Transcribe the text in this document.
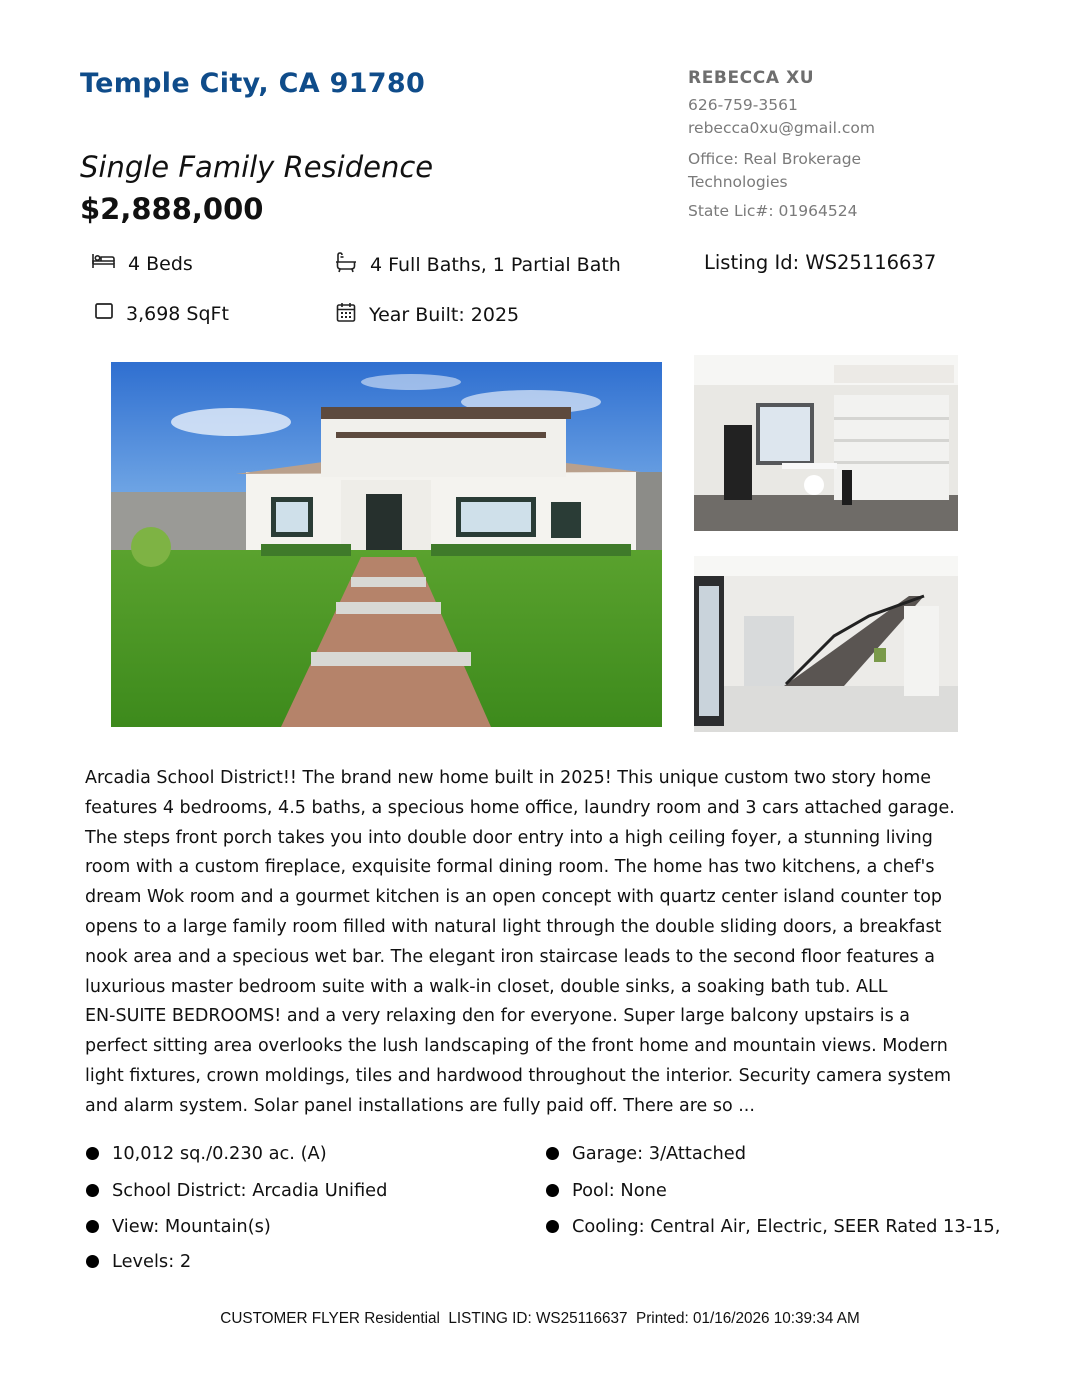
Temple City, CA 91780
Single Family Residence
$2,888,000
REBECCA XU
626-759-3561
rebecca0xu@gmail.com
Office: Real Brokerage
Technologies
State Lic#: 01964524
4 Beds	4 Full Baths, 1 Partial Bath	Listing Id: WS25116637
3,698 SqFt	Year Built: 2025
Arcadia School District!! The brand new home built in 2025! This unique custom two story home
features 4 bedrooms, 4.5 baths, a specious home office, laundry room and 3 cars attached garage.
The steps front porch takes you into double door entry into a high ceiling foyer, a stunning living
room with a custom fireplace, exquisite formal dining room. The home has two kitchens, a chef's
dream Wok room and a gourmet kitchen is an open concept with quartz center island counter top
opens to a large family room filled with natural light through the double sliding doors, a breakfast
nook area and a specious wet bar. The elegant iron staircase leads to the second floor features a
luxurious master bedroom suite with a walk-in closet, double sinks, a soaking bath tub. ALL
EN-SUITE BEDROOMS! and a very relaxing den for everyone. Super large balcony upstairs is a
perfect sitting area overlooks the lush landscaping of the front home and mountain views. Modern
light fixtures, crown moldings, tiles and hardwood throughout the interior. Security camera system
and alarm system. Solar panel installations are fully paid off. There are so ...
10,012 sq./0.230 ac. (A)
School District: Arcadia Unified
View: Mountain(s)
Levels: 2
Garage: 3/Attached
Pool: None
Cooling: Central Air, Electric, SEER Rated 13-15,
CUSTOMER FLYER Residential  LISTING ID: WS25116637  Printed: 01/16/2026 10:39:34 AM
